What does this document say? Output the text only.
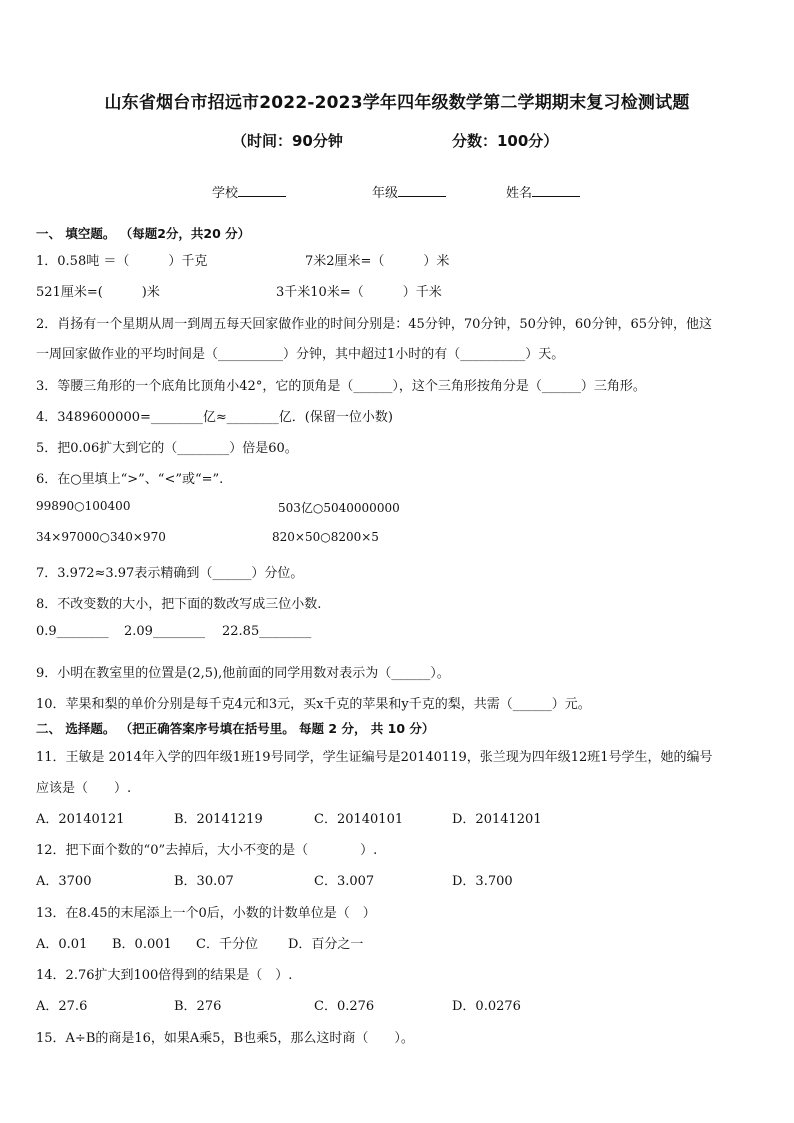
山东省烟台市招远市2022-2023学年四年级数学第二学期期末复习检测试题
（时间：90分钟	分数：100分）
学校	年级	姓名
一、 填空题。 （每题2分，共20 分）
1．0.58吨 ＝（　　　）千克	7米2厘米=（　　　）米
521厘米=(　　　)米	3千米10米=（　　　）千米
2．肖扬有一个星期从周一到周五每天回家做作业的时间分别是：45分钟，70分钟，50分钟，60分钟，65分钟，他这
一周回家做作业的平均时间是（__________）分钟，其中超过1小时的有（__________）天。
3．等腰三角形的一个底角比顶角小42°，它的顶角是（______），这个三角形按角分是（______）三角形。
4．3489600000=________亿≈________亿．(保留一位小数)
5．把0.06扩大到它的（________）倍是60。
6．在○里填上“>”、“<”或“=”.
99890○100400	503亿○5040000000
34×97000○340×970	820×50○8200×5
7．3.972≈3.97表示精确到（______）分位。
8．不改变数的大小，把下面的数改写成三位小数.
0.9________ 2.09________ 22.85________
9．小明在教室里的位置是(2,5),他前面的同学用数对表示为（______）。
10．苹果和梨的单价分别是每千克4元和3元，买x千克的苹果和y千克的梨，共需（______）元。
二、 选择题。 （把正确答案序号填在括号里。 每题 2 分， 共 10 分）
11．王敏是 2014年入学的四年级1班19号同学，学生证编号是20140119，张兰现为四年级12班1号学生，她的编号
应该是（　　）.
A．20140121	B．20141219	C．20140101	D．20141201
12．把下面个数的“0”去掉后，大小不变的是（　　　　）.
A．3700	B．30.07	C．3.007	D．3.700
13．在8.45的末尾添上一个0后，小数的计数单位是（　）
A．0.01 B．0.001 C．千分位 D．百分之一
14．2.76扩大到100倍得到的结果是（　）.
A．27.6	B．276	C．0.276	D．0.0276
15．A÷B的商是16，如果A乘5，B也乘5，那么这时商（　　）。
